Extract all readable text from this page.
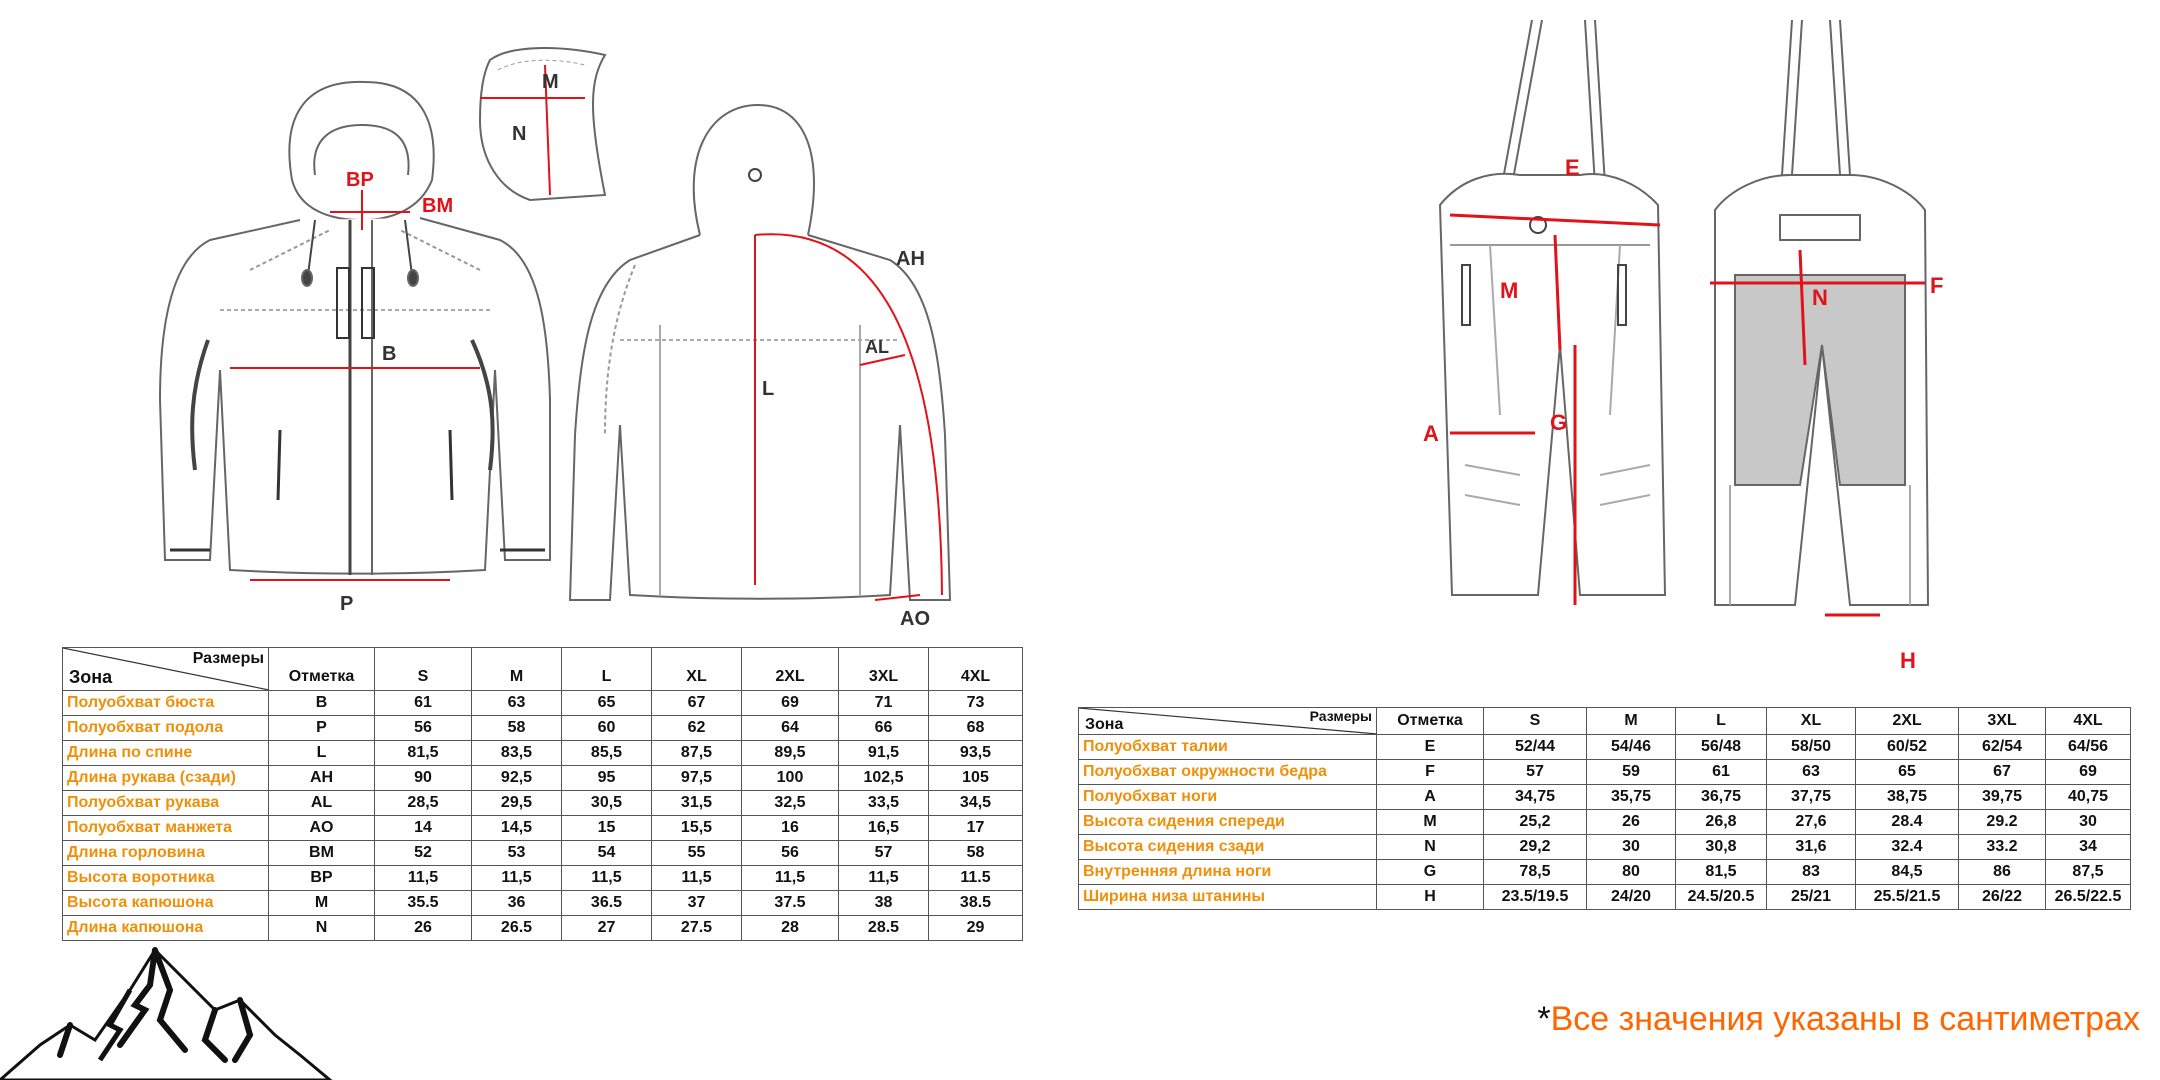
B
P
BP
BM
M
N
L
AH
AL
AO
E
M
G
A
N	F
H
Размеры
Зона	Отметка	S	M	L	XL	2XL	3XL	4XL
Полуобхват бюста	B	61	63	65	67	69	71	73
Полуобхват подола	P	56	58	60	62	64	66	68
Длина по спине	L	81,5	83,5	85,5	87,5	89,5	91,5	93,5
Длина рукава (сзади)	AH	90	92,5	95	97,5	100	102,5	105
Полуобхват рукава	AL	28,5	29,5	30,5	31,5	32,5	33,5	34,5
Полуобхват манжета	AO	14	14,5	15	15,5	16	16,5	17
Длина горловина	BM	52	53	54	55	56	57	58
Высота воротника	BP	11,5	11,5	11,5	11,5	11,5	11,5	11.5
Высота капюшона	M	35.5	36	36.5	37	37.5	38	38.5
Длина капюшона	N	26	26.5	27	27.5	28	28.5	29
Размеры
Зона	Отметка	S	M	L	XL	2XL	3XL	4XL
Полуобхват талии	E	52/44	54/46	56/48	58/50	60/52	62/54	64/56
Полуобхват окружности бедра	F	57	59	61	63	65	67	69
Полуобхват ноги	A	34,75	35,75	36,75	37,75	38,75	39,75	40,75
Высота сидения спереди	M	25,2	26	26,8	27,6	28.4	29.2	30
Высота сидения сзади	N	29,2	30	30,8	31,6	32.4	33.2	34
Внутренняя длина ноги	G	78,5	80	81,5	83	84,5	86	87,5
Ширина низа штанины	H	23.5/19.5	24/20	24.5/20.5	25/21	25.5/21.5	26/22	26.5/22.5
*Все значения указаны в сантиметрах
